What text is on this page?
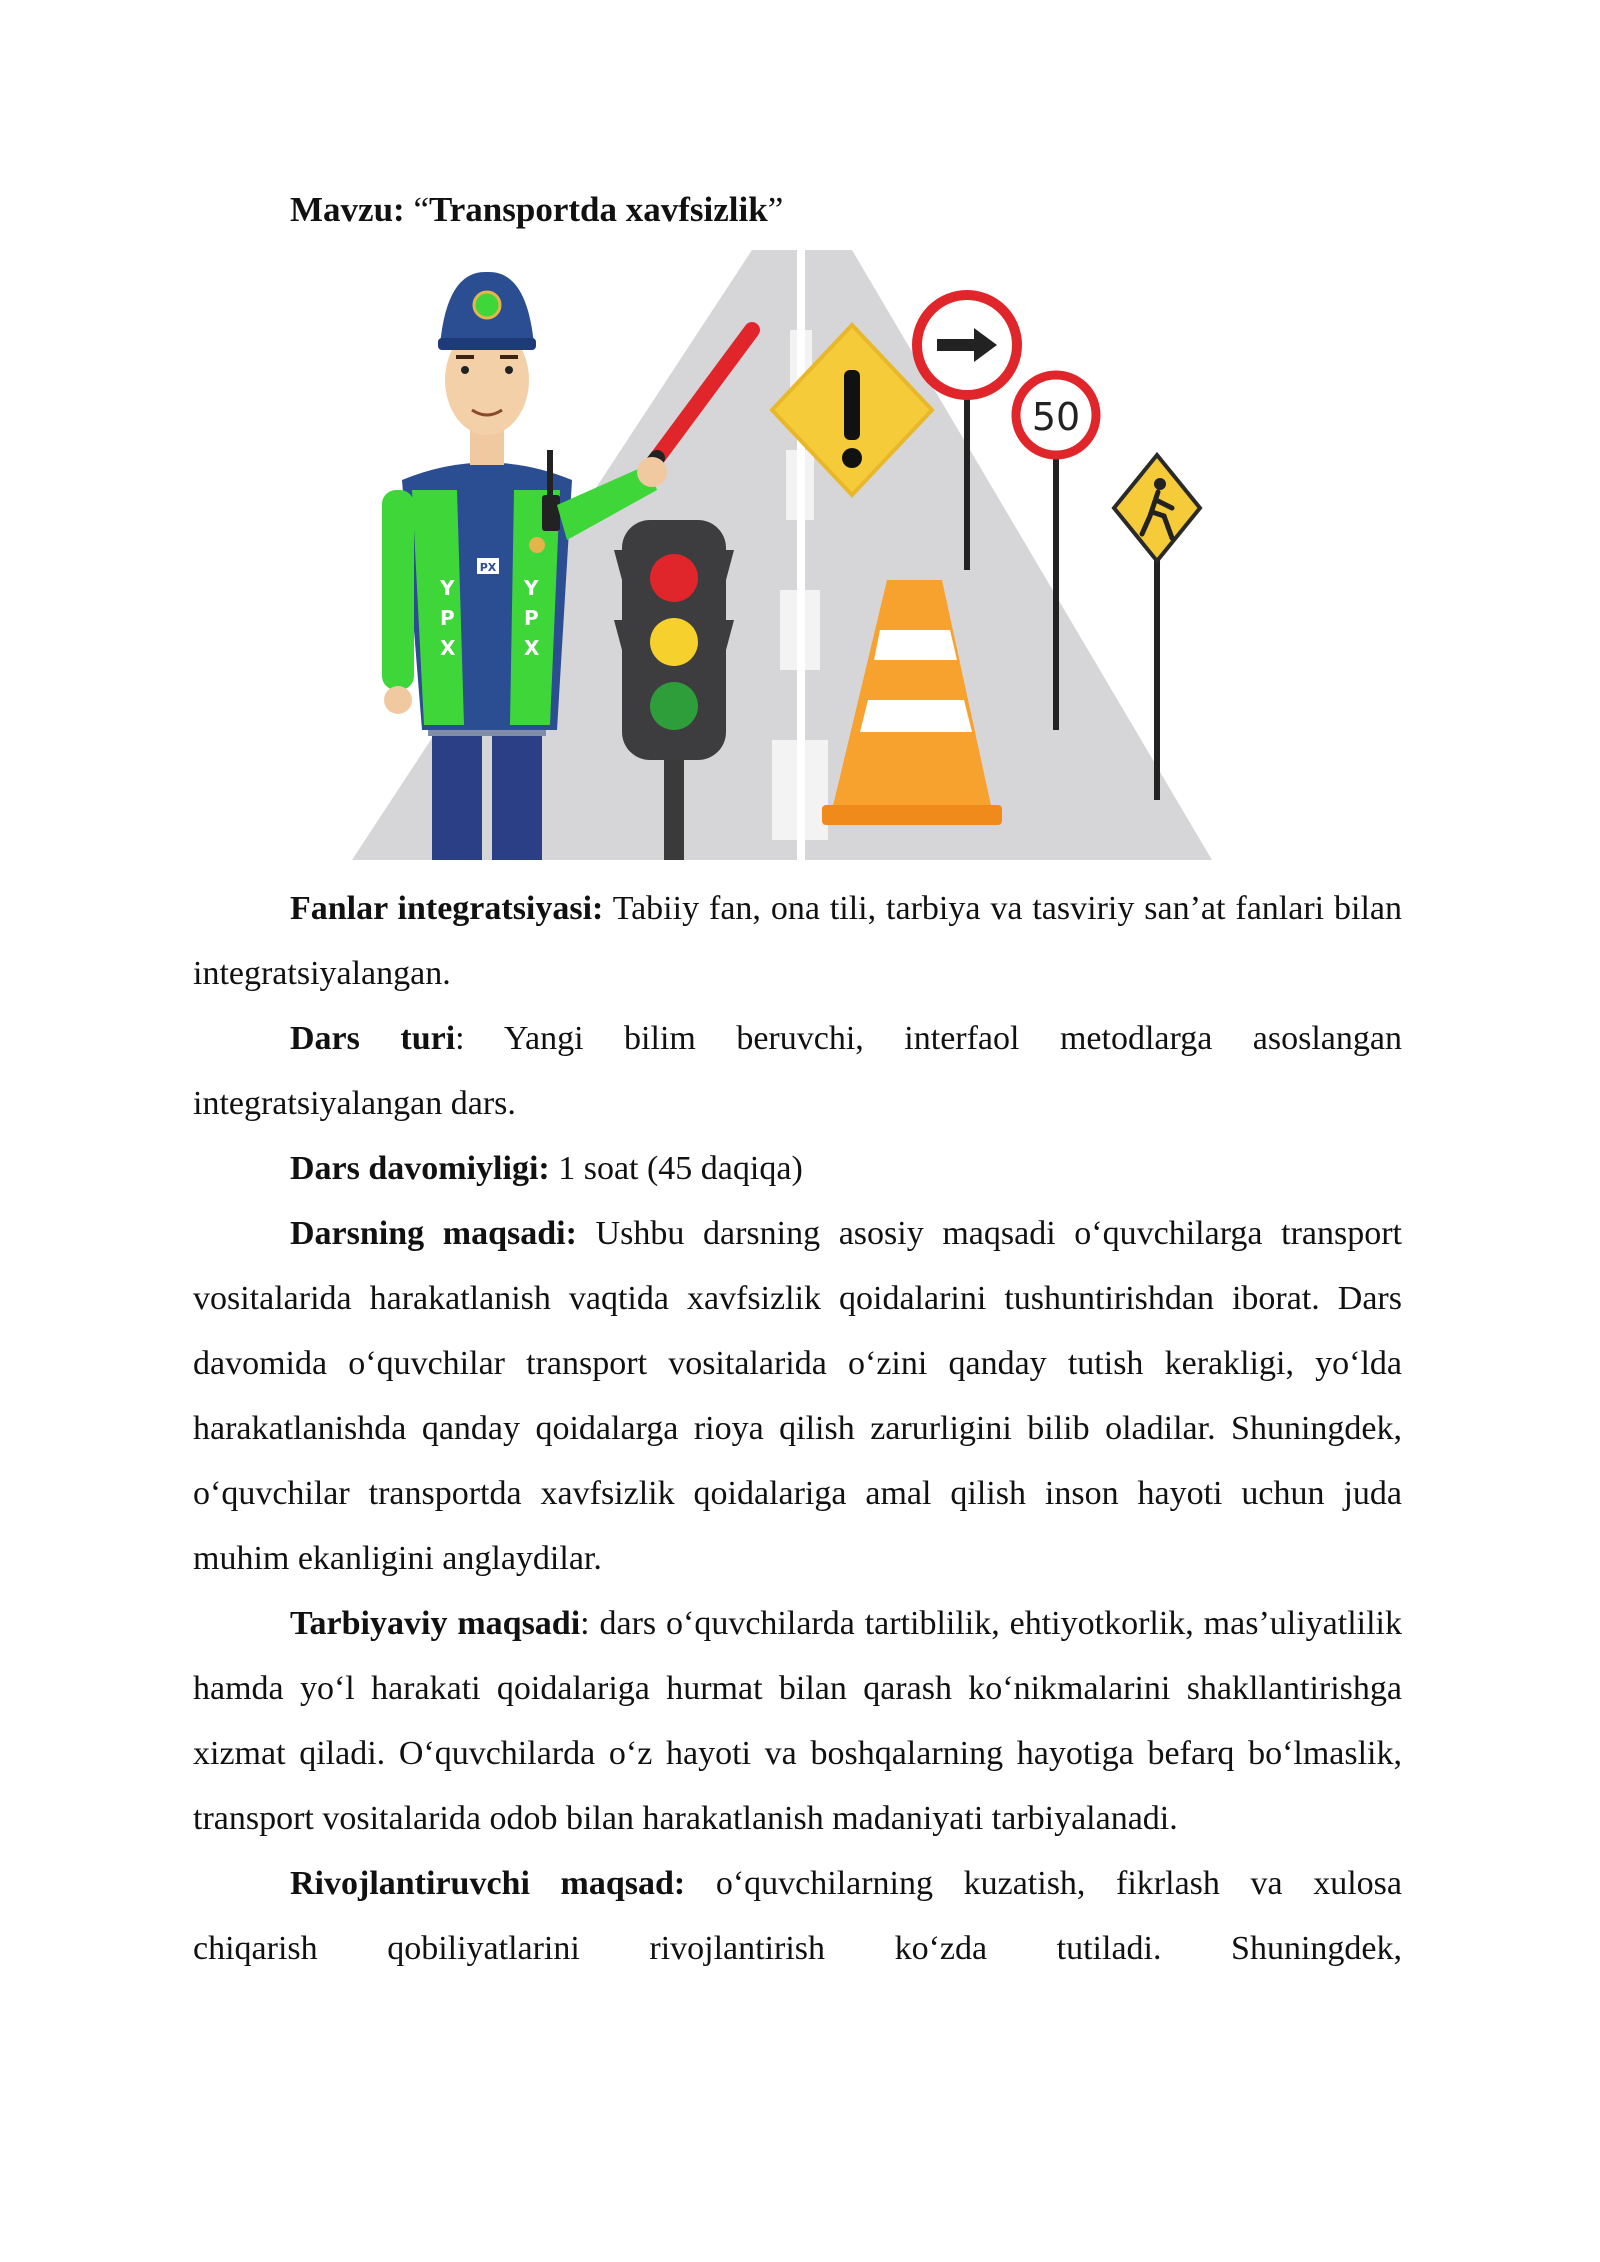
Mavzu: “Transportda xavfsizlik”
50
Y
P
X
Y
P
X
PX

Fanlar integratsiyasi: Tabiiy fan, ona tili, tarbiya va tasviriy san’at fanlari bilan integratsiyalangan.

Dars turi: Yangi bilim beruvchi, interfaol metodlarga asoslangan integratsiyalangan dars.

Dars davomiyligi: 1 soat (45 daqiqa)

Darsning maqsadi: Ushbu darsning asosiy maqsadi o‘quvchilarga transport vositalarida harakatlanish vaqtida xavfsizlik qoidalarini tushuntirishdan iborat. Dars davomida o‘quvchilar transport vositalarida o‘zini qanday tutish kerakligi, yo‘lda harakatlanishda qanday qoidalarga rioya qilish zarurligini bilib oladilar. Shuningdek, o‘quvchilar transportda xavfsizlik qoidalariga amal qilish inson hayoti uchun juda muhim ekanligini anglaydilar.

Tarbiyaviy maqsadi: dars o‘quvchilarda tartiblilik, ehtiyotkorlik, mas’uliyatlilik hamda yo‘l harakati qoidalariga hurmat bilan qarash ko‘nikmalarini shakllantirishga xizmat qiladi. O‘quvchilarda o‘z hayoti va boshqalarning hayotiga befarq bo‘lmaslik, transport vositalarida odob bilan harakatlanish madaniyati tarbiyalanadi.

Rivojlantiruvchi maqsad: o‘quvchilarning kuzatish, fikrlash va xulosa chiqarish qobiliyatlarini rivojlantirish ko‘zda tutiladi. Shuningdek,
